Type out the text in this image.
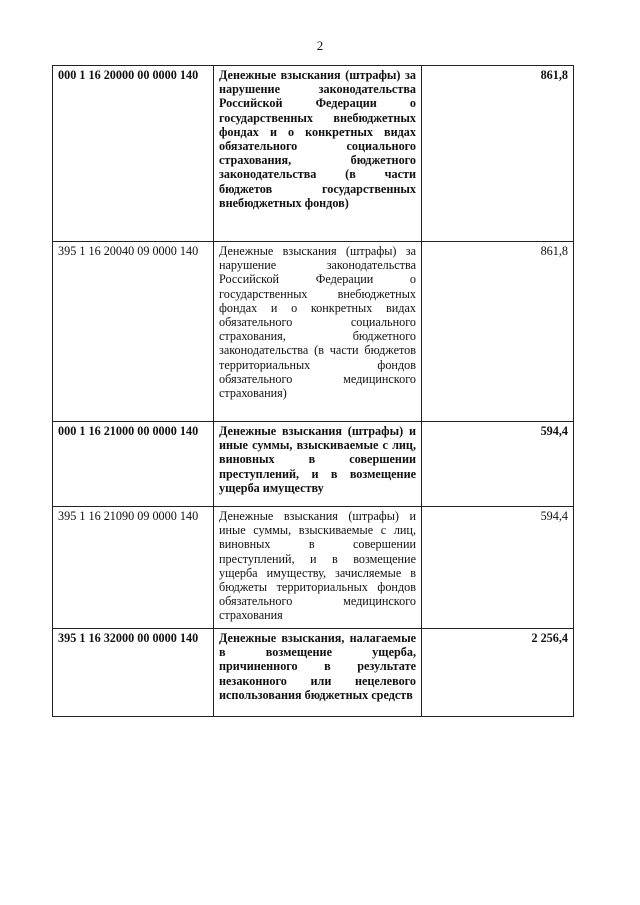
2
000 1 16 20000 00 0000 140	Денежные взыскания (штрафы) за нарушение законодательства Российской Федерации о государственных внебюджетных фондах и о конкретных видах обязательного социального страхования, бюджетного законодательства (в части бюджетов государственных внебюджетных фондов)	861,8
395 1 16 20040 09 0000 140	Денежные взыскания (штрафы) за нарушение законодательства Российской Федерации о государственных внебюджетных фондах и о конкретных видах обязательного социального страхования, бюджетного законодательства (в части бюджетов территориальных фондов обязательного медицинского страхования)	861,8
000 1 16 21000 00 0000 140	Денежные взыскания (штрафы) и иные суммы, взыскиваемые с лиц, виновных в совершении преступлений, и в возмещение ущерба имуществу	594,4
395 1 16 21090 09 0000 140	Денежные взыскания (штрафы) и иные суммы, взыскиваемые с лиц, виновных в совершении преступлений, и в возмещение ущерба имуществу, зачисляемые в бюджеты территориальных фондов обязательного медицинского страхования	594,4
395 1 16 32000 00 0000 140	Денежные взыскания, налагаемые в возмещение ущерба, причиненного в результате незаконного или нецелевого использования бюджетных средств	2 256,4
